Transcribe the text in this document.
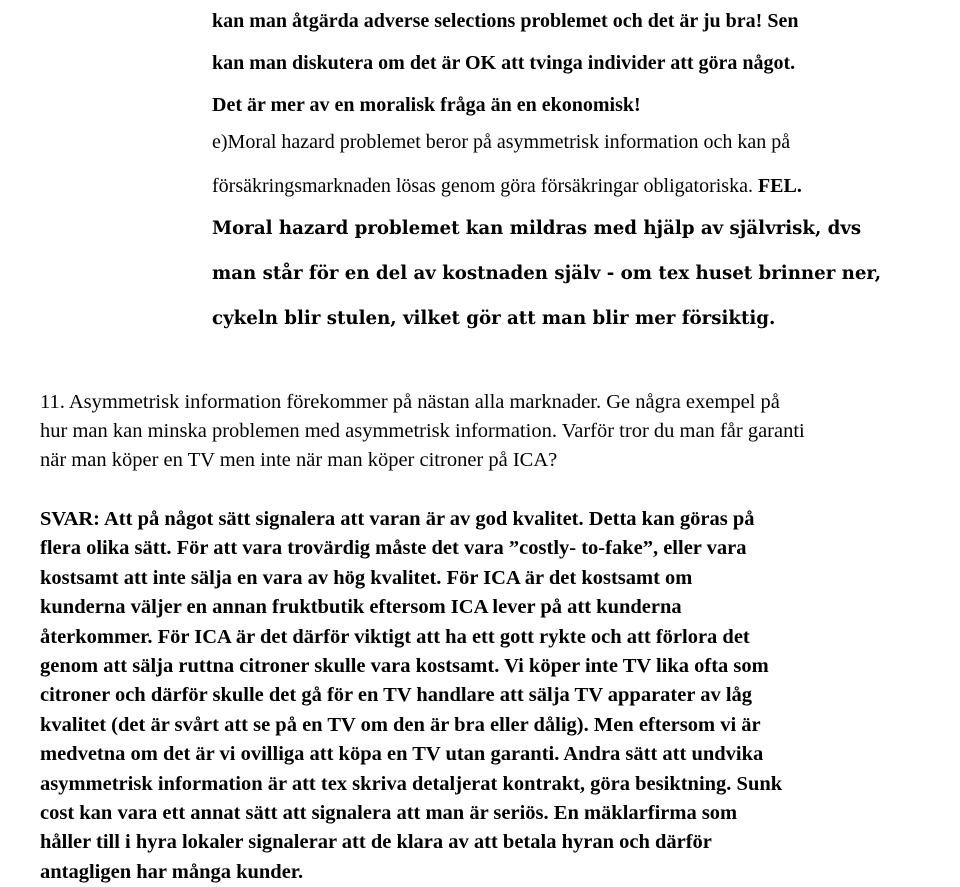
kan man åtgärda adverse selections problemet och det är ju bra! Sen
kan man diskutera om det är OK att tvinga individer att göra något.
Det är mer av en moralisk fråga än en ekonomisk!
e)Moral hazard problemet beror på asymmetrisk information och kan på
försäkringsmarknaden lösas genom göra försäkringar obligatoriska. FEL.
Moral hazard problemet kan mildras med hjälp av självrisk, dvs
man står för en del av kostnaden själv - om tex huset brinner ner,
cykeln blir stulen, vilket gör att man blir mer försiktig.
11. Asymmetrisk information förekommer på nästan alla marknader. Ge några exempel på
hur man kan minska problemen med asymmetrisk information. Varför tror du man får garanti
när man köper en TV men inte när man köper citroner på ICA?
SVAR: Att på något sätt signalera att varan är av god kvalitet. Detta kan göras på
flera olika sätt. För att vara trovärdig måste det vara ”costly- to-fake”, eller vara
kostsamt att inte sälja en vara av hög kvalitet. För ICA är det kostsamt om
kunderna väljer en annan fruktbutik eftersom ICA lever på att kunderna
återkommer. För ICA är det därför viktigt att ha ett gott rykte och att förlora det
genom att sälja ruttna citroner skulle vara kostsamt. Vi köper inte TV lika ofta som
citroner och därför skulle det gå för en TV handlare att sälja TV apparater av låg
kvalitet (det är svårt att se på en TV om den är bra eller dålig). Men eftersom vi är
medvetna om det är vi ovilliga att köpa en TV utan garanti. Andra sätt att undvika
asymmetrisk information är att tex skriva detaljerat kontrakt, göra besiktning. Sunk
cost kan vara ett annat sätt att signalera att man är seriös. En mäklarfirma som
håller till i hyra lokaler signalerar att de klara av att betala hyran och därför
antagligen har många kunder.
